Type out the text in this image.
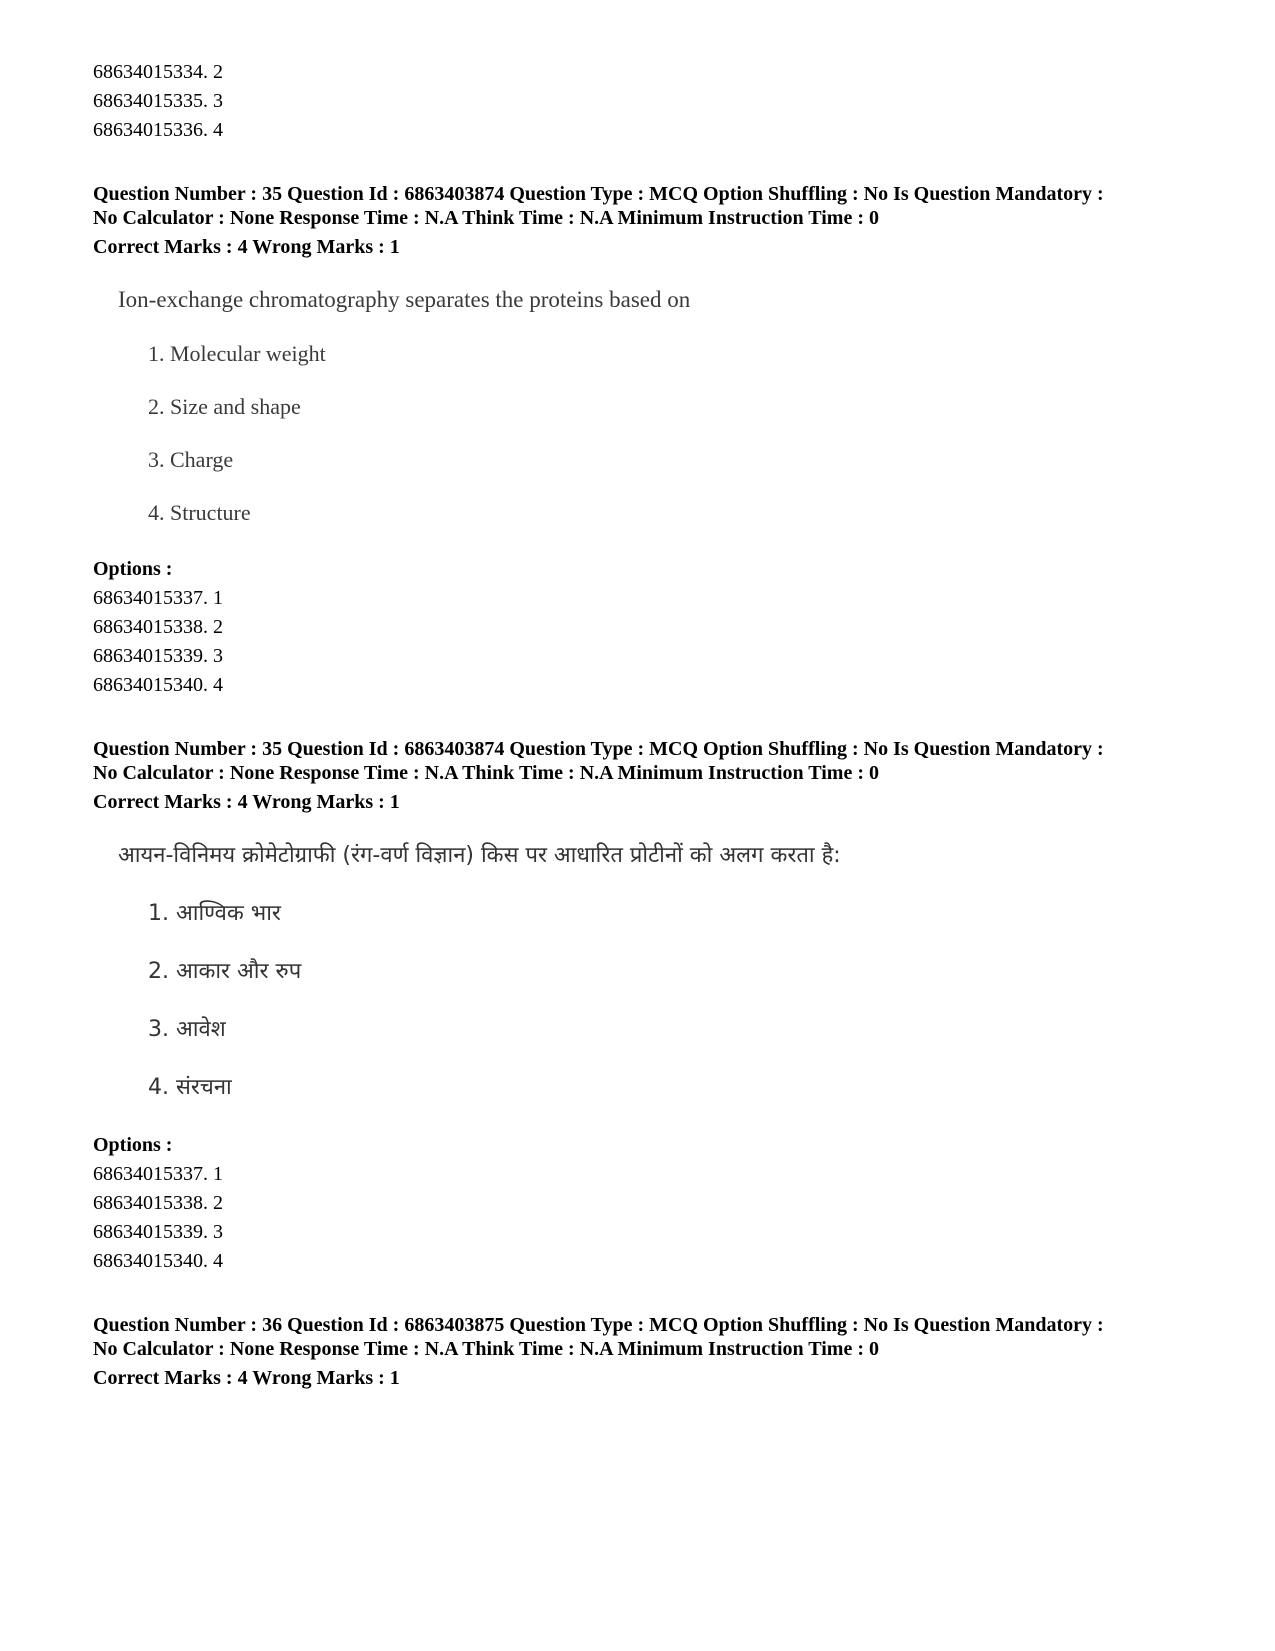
68634015334. 2
68634015335. 3
68634015336. 4
Question Number : 35 Question Id : 6863403874 Question Type : MCQ Option Shuffling : No Is Question Mandatory :
No Calculator : None Response Time : N.A Think Time : N.A Minimum Instruction Time : 0
Correct Marks : 4 Wrong Marks : 1
Ion-exchange chromatography separates the proteins based on
1. Molecular weight
2. Size and shape
3. Charge
4. Structure
Options :
68634015337. 1
68634015338. 2
68634015339. 3
68634015340. 4
Question Number : 35 Question Id : 6863403874 Question Type : MCQ Option Shuffling : No Is Question Mandatory :
No Calculator : None Response Time : N.A Think Time : N.A Minimum Instruction Time : 0
Correct Marks : 4 Wrong Marks : 1
आयन-विनिमय क्रोमेटोग्राफी (रंग-वर्ण विज्ञान) किस पर आधारित प्रोटीनों को अलग करता है:
1. आण्विक भार
2. आकार और रुप
3. आवेश
4. संरचना
Options :
68634015337. 1
68634015338. 2
68634015339. 3
68634015340. 4
Question Number : 36 Question Id : 6863403875 Question Type : MCQ Option Shuffling : No Is Question Mandatory :
No Calculator : None Response Time : N.A Think Time : N.A Minimum Instruction Time : 0
Correct Marks : 4 Wrong Marks : 1
